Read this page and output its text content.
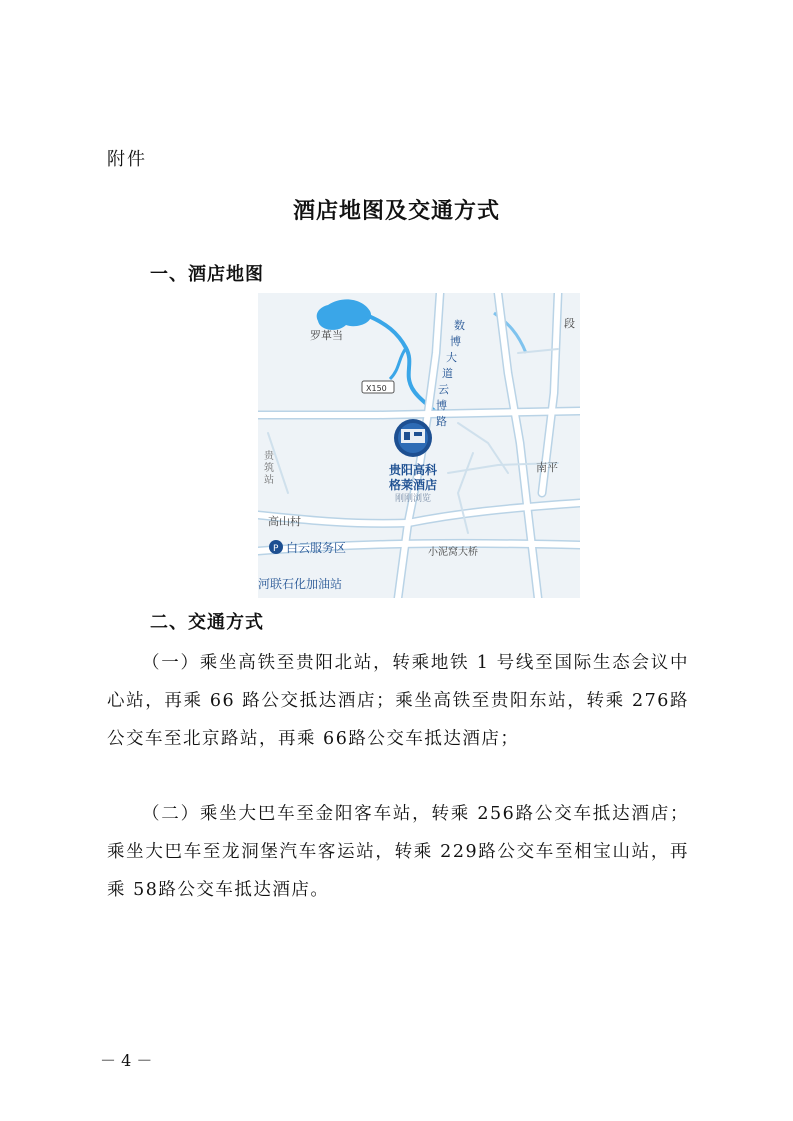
附件
酒店地图及交通方式
一、酒店地图
罗革当
X150
段
数
博
大
道
云
博
路
贵
筑
站
贵阳高科
格莱酒店
刚刚浏览
南平
高山村
P 白云服务区	小泥窝大桥
河联石化加油站
二、交通方式
（一）乘坐高铁至贵阳北站，转乘地铁 1 号线至国际生态会议中心站，再乘 66 路公交抵达酒店；乘坐高铁至贵阳东站，转乘 276路公交车至北京路站，再乘 66路公交车抵达酒店；
（二）乘坐大巴车至金阳客车站，转乘 256路公交车抵达酒店；乘坐大巴车至龙洞堡汽车客运站，转乘 229路公交车至相宝山站，再乘 58路公交车抵达酒店。
－ 4 －
